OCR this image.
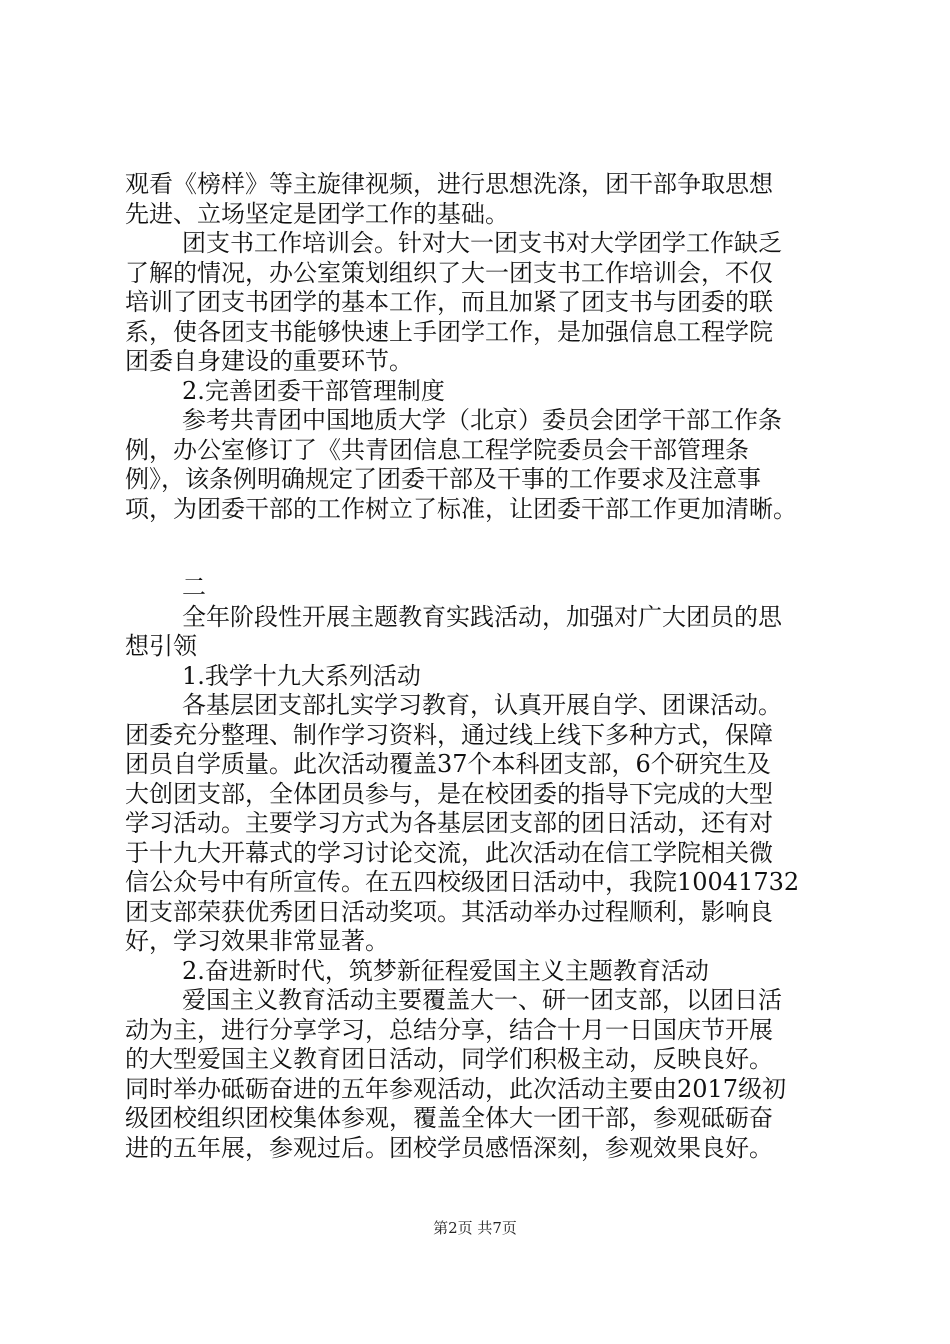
观看《榜样》等主旋律视频，进行思想洗涤，团干部争取思想
先进、立场坚定是团学工作的基础。
团支书工作培训会。针对大一团支书对大学团学工作缺乏
了解的情况，办公室策划组织了大一团支书工作培训会，不仅
培训了团支书团学的基本工作，而且加紧了团支书与团委的联
系，使各团支书能够快速上手团学工作，是加强信息工程学院
团委自身建设的重要环节。
2.完善团委干部管理制度
参考共青团中国地质大学（北京）委员会团学干部工作条
例，办公室修订了《共青团信息工程学院委员会干部管理条
例》，该条例明确规定了团委干部及干事的工作要求及注意事
项，为团委干部的工作树立了标准，让团委干部工作更加清晰。
二
全年阶段性开展主题教育实践活动，加强对广大团员的思
想引领
1.我学十九大系列活动
各基层团支部扎实学习教育，认真开展自学、团课活动。
团委充分整理、制作学习资料，通过线上线下多种方式，保障
团员自学质量。此次活动覆盖37个本科团支部，6个研究生及
大创团支部，全体团员参与，是在校团委的指导下完成的大型
学习活动。主要学习方式为各基层团支部的团日活动，还有对
于十九大开幕式的学习讨论交流，此次活动在信工学院相关微
信公众号中有所宣传。在五四校级团日活动中，我院10041732
团支部荣获优秀团日活动奖项。其活动举办过程顺利，影响良
好，学习效果非常显著。
2.奋进新时代，筑梦新征程爱国主义主题教育活动
爱国主义教育活动主要覆盖大一、研一团支部，以团日活
动为主，进行分享学习，总结分享，结合十月一日国庆节开展
的大型爱国主义教育团日活动，同学们积极主动，反映良好。
同时举办砥砺奋进的五年参观活动，此次活动主要由2017级初
级团校组织团校集体参观，覆盖全体大一团干部，参观砥砺奋
进的五年展，参观过后。团校学员感悟深刻，参观效果良好。
第2页 共7页
